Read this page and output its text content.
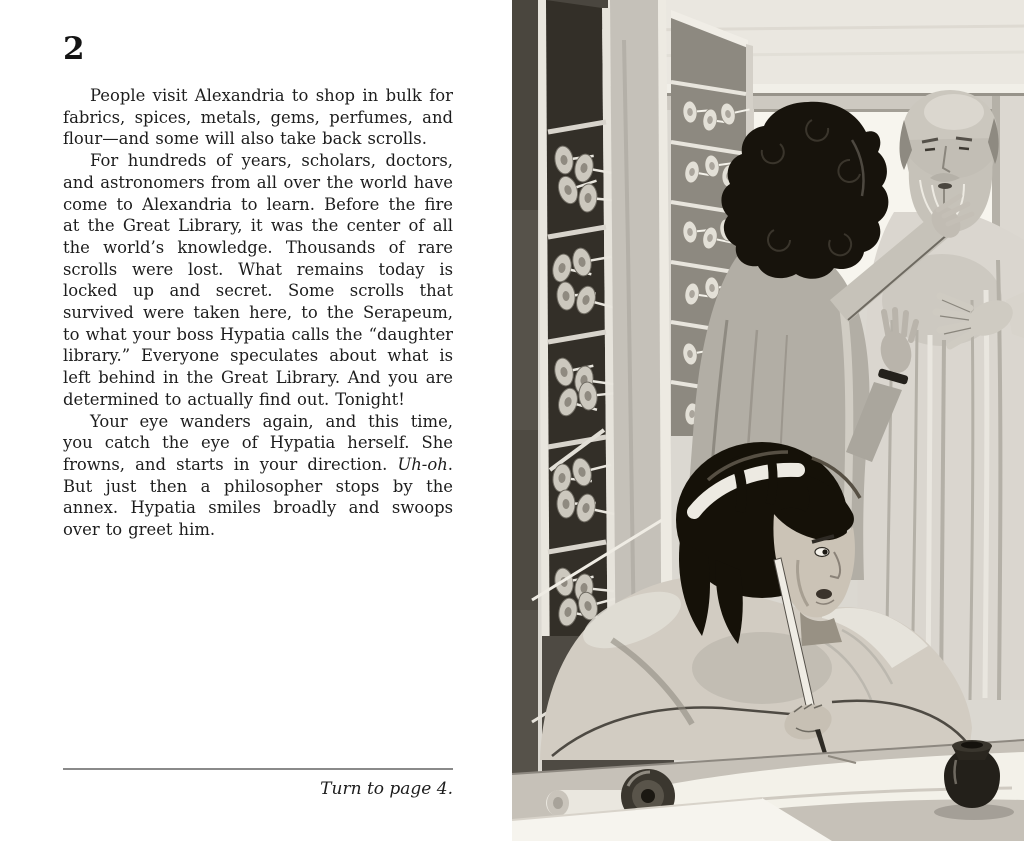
2

People visit Alexandria to shop in bulk for fabrics, spices, metals, gems, perfumes, and flour—and some will also take back scrolls.

For hundreds of years, scholars, doctors, and astronomers from all over the world have come to Alexandria to learn. Before the fire at the Great Library, it was the center of all the world’s knowledge. Thousands of rare scrolls were lost. What remains today is locked up and secret. Some scrolls that survived were taken here, to the Serapeum, to what your boss Hypatia calls the “daughter library.” Everyone speculates about what is left behind in the Great Library. And you are determined to actually find out. Tonight!

Your eye wanders again, and this time, you catch the eye of Hypatia herself. She frowns, and starts in your direction. Uh-oh. But just then a philosopher stops by the annex. Hypatia smiles broadly and swoops over to greet him.

Turn to page 4.
